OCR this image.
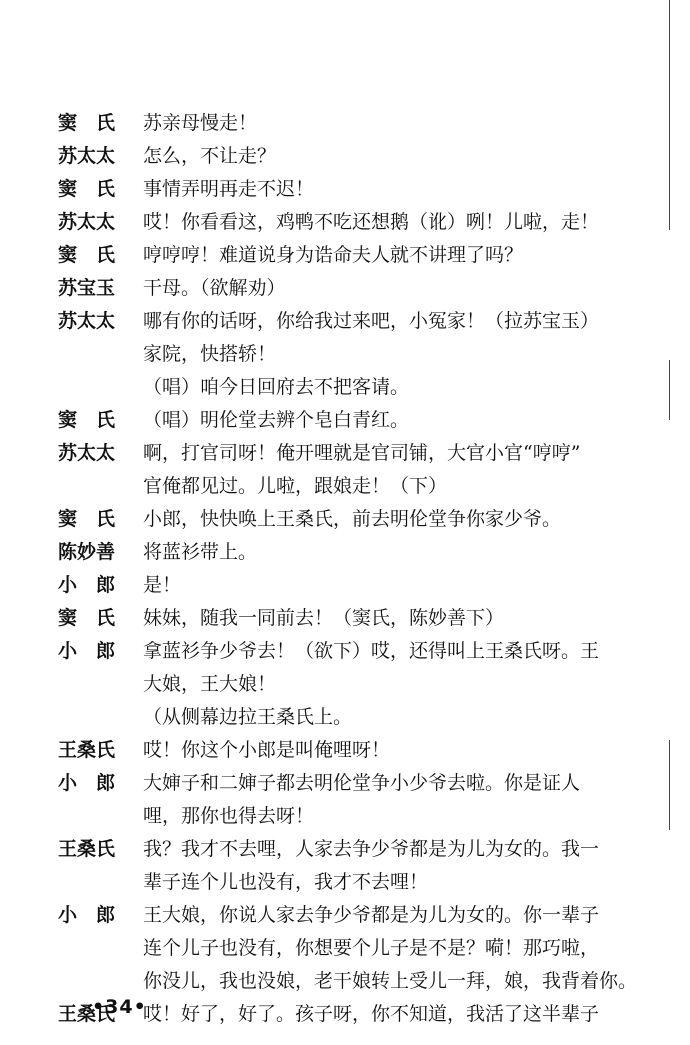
窦　氏	苏亲母慢走！
苏太太	怎么，不让走？
窦　氏	事情弄明再走不迟！
苏太太	哎！你看看这，鸡鸭不吃还想鹅（讹）咧！儿啦，走！
窦　氏	哼哼哼！难道说身为诰命夫人就不讲理了吗？
苏宝玉	干母。（欲解劝）
苏太太	哪有你的话呀，你给我过来吧，小冤家！（拉苏宝玉）
家院，快搭轿！
（唱）咱今日回府去不把客请。
窦　氏	（唱）明伦堂去辨个皂白青红。
苏太太	啊，打官司呀！俺开哩就是官司铺，大官小官“哼哼”
官俺都见过。儿啦，跟娘走！（下）
窦　氏	小郎，快快唤上王桑氏，前去明伦堂争你家少爷。
陈妙善	将蓝衫带上。
小　郎	是！
窦　氏	妹妹，随我一同前去！（窦氏，陈妙善下）
小　郎	拿蓝衫争少爷去！（欲下）哎，还得叫上王桑氏呀。王
大娘，王大娘！
（从侧幕边拉王桑氏上。
王桑氏	哎！你这个小郎是叫俺哩呀！
小　郎	大婶子和二婶子都去明伦堂争小少爷去啦。你是证人
哩，那你也得去呀！
王桑氏	我？我才不去哩，人家去争少爷都是为儿为女的。我一
辈子连个儿也没有，我才不去哩！
小　郎	王大娘，你说人家去争少爷都是为儿为女的。你一辈子
连个儿子也没有，你想要个儿子是不是？嗬！那巧啦，
你没儿，我也没娘，老干娘转上受儿一拜，娘，我背着你。
王桑氏	哎！好了，好了。孩子呀，你不知道，我活了这半辈子
•34•
